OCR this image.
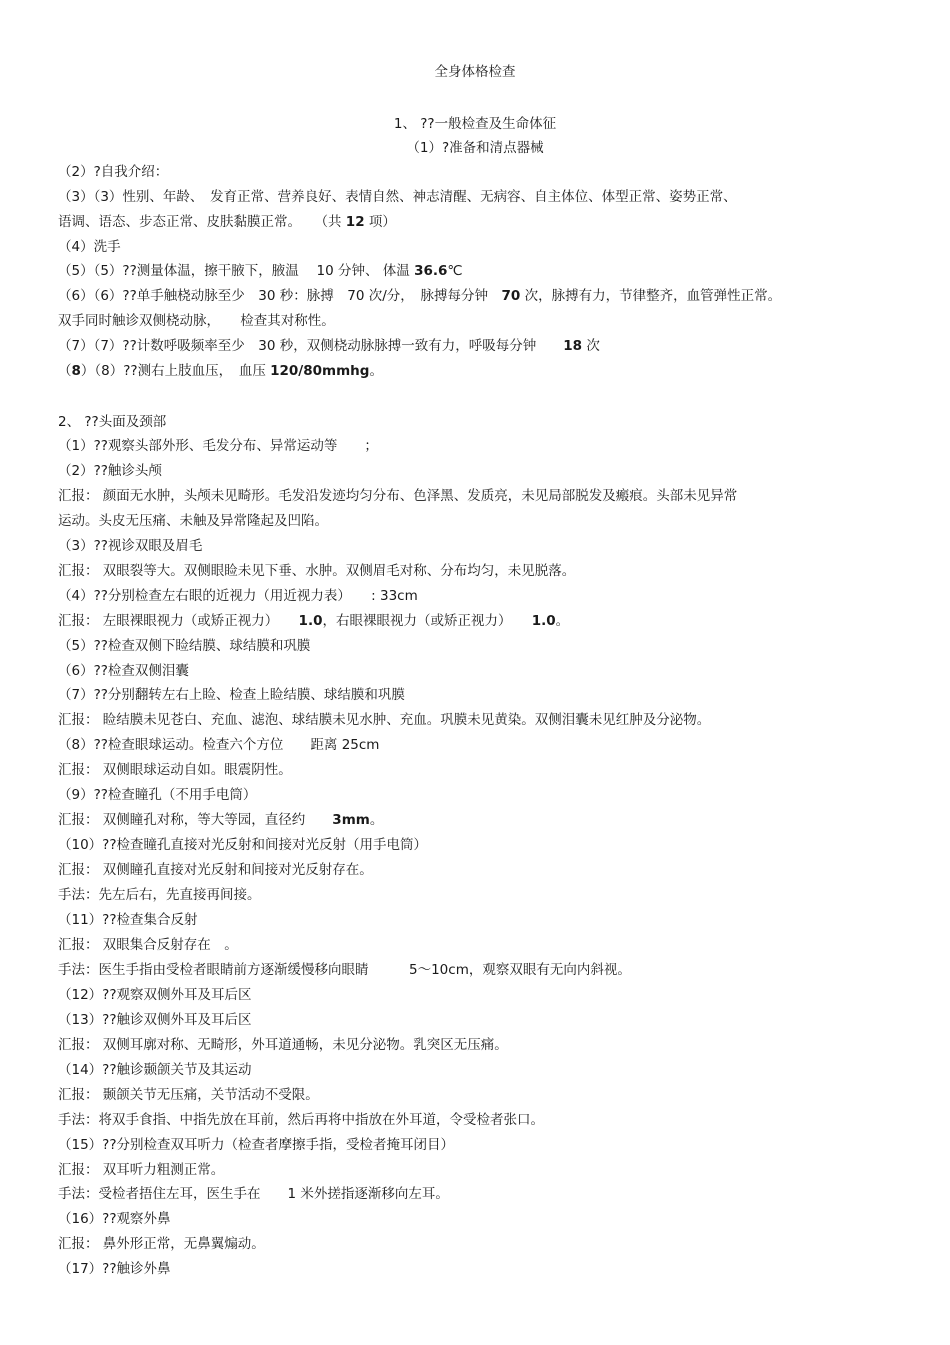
全身体格检查
1、 ??一般检查及生命体征
（1）?准备和清点器械
（2）?自我介绍：
（3）（3）性别、年龄、　发育正常、营养良好、表情自然、神志清醒、无病容、自主体位、体型正常、姿势正常、
语调、语态、步态正常、皮肤黏膜正常。　　（共 12 项）
（4）洗手
（5）（5）??测量体温，擦干腋下，腋温　 10 分钟、 体温 36.6℃
（6）（6）??单手触桡动脉至少　30 秒：脉搏　70 次/分，　脉搏每分钟　70 次，脉搏有力，节律整齐，血管弹性正常。
双手同时触诊双侧桡动脉，　　检查其对称性。
（7）（7）??计数呼吸频率至少　30 秒，双侧桡动脉脉搏一致有力，呼吸每分钟　　18 次
（8）（8）??测右上肢血压，　血压 120/80mmhg。
2、 ??头面及颈部
（1）??观察头部外形、毛发分布、异常运动等　　；
（2）??触诊头颅
汇报： 颜面无水肿，头颅未见畸形。毛发沿发迹均匀分布、色泽黑、发质亮，未见局部脱发及瘢痕。头部未见异常
运动。头皮无压痛、未触及异常隆起及凹陷。
（3）??视诊双眼及眉毛
汇报： 双眼裂等大。双侧眼睑未见下垂、水肿。双侧眉毛对称、分布均匀，未见脱落。
（4）??分别检查左右眼的近视力（用近视力表）　　: 33cm
汇报： 左眼裸眼视力（或矫正视力）　　1.0，右眼裸眼视力（或矫正视力）　　1.0。
（5）??检查双侧下睑结膜、球结膜和巩膜
（6）??检查双侧泪囊
（7）??分别翻转左右上睑、检查上睑结膜、球结膜和巩膜
汇报： 睑结膜未见苍白、充血、滤泡、球结膜未见水肿、充血。巩膜未见黄染。双侧泪囊未见红肿及分泌物。
（8）??检查眼球运动。检查六个方位　　距离 25cm
汇报： 双侧眼球运动自如。眼震阴性。
（9）??检查瞳孔（不用手电筒）
汇报： 双侧瞳孔对称，等大等园，直径约　　3mm。
（10）??检查瞳孔直接对光反射和间接对光反射（用手电筒）
汇报： 双侧瞳孔直接对光反射和间接对光反射存在。
手法：先左后右，先直接再间接。
（11）??检查集合反射
汇报： 双眼集合反射存在　。
手法：医生手指由受检者眼睛前方逐渐缓慢移向眼睛　　　5～10cm，观察双眼有无向内斜视。
（12）??观察双侧外耳及耳后区
（13）??触诊双侧外耳及耳后区
汇报： 双侧耳廓对称、无畸形，外耳道通畅，未见分泌物。乳突区无压痛。
（14）??触诊颞颌关节及其运动
汇报： 颞颌关节无压痛，关节活动不受限。
手法：将双手食指、中指先放在耳前，然后再将中指放在外耳道，令受检者张口。
（15）??分别检查双耳听力（检查者摩擦手指，受检者掩耳闭目）
汇报： 双耳听力粗测正常。
手法：受检者捂住左耳，医生手在　　1 米外搓指逐渐移向左耳。
（16）??观察外鼻
汇报： 鼻外形正常，无鼻翼煽动。
（17）??触诊外鼻
